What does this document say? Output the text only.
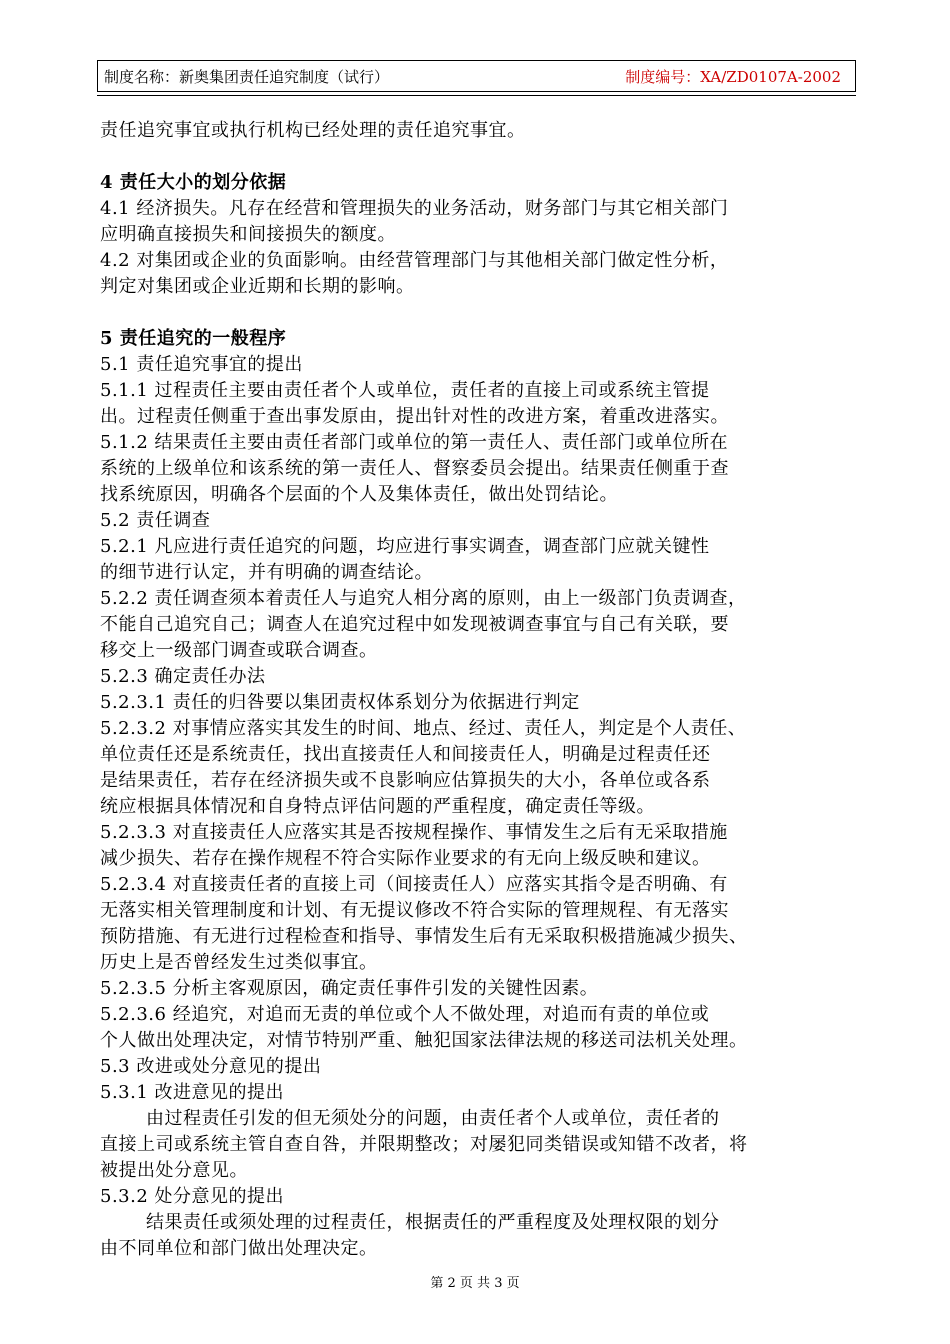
制度名称：新奥集团责任追究制度（试行）	制度编号：XA/ZD0107A-2002
责任追究事宜或执行机构已经处理的责任追究事宜。
4 责任大小的划分依据
4.1 经济损失。凡存在经营和管理损失的业务活动，财务部门与其它相关部门
应明确直接损失和间接损失的额度。
4.2 对集团或企业的负面影响。由经营管理部门与其他相关部门做定性分析，
判定对集团或企业近期和长期的影响。
5 责任追究的一般程序
5.1 责任追究事宜的提出
5.1.1 过程责任主要由责任者个人或单位，责任者的直接上司或系统主管提
出。过程责任侧重于查出事发原由，提出针对性的改进方案，着重改进落实。
5.1.2 结果责任主要由责任者部门或单位的第一责任人、责任部门或单位所在
系统的上级单位和该系统的第一责任人、督察委员会提出。结果责任侧重于查
找系统原因，明确各个层面的个人及集体责任，做出处罚结论。
5.2 责任调查
5.2.1 凡应进行责任追究的问题，均应进行事实调查，调查部门应就关键性
的细节进行认定，并有明确的调查结论。
5.2.2 责任调查须本着责任人与追究人相分离的原则，由上一级部门负责调查，
不能自己追究自己；调查人在追究过程中如发现被调查事宜与自己有关联，要
移交上一级部门调查或联合调查。
5.2.3 确定责任办法
5.2.3.1 责任的归咎要以集团责权体系划分为依据进行判定
5.2.3.2 对事情应落实其发生的时间、地点、经过、责任人，判定是个人责任、
单位责任还是系统责任，找出直接责任人和间接责任人，明确是过程责任还
是结果责任，若存在经济损失或不良影响应估算损失的大小，各单位或各系
统应根据具体情况和自身特点评估问题的严重程度，确定责任等级。
5.2.3.3 对直接责任人应落实其是否按规程操作、事情发生之后有无采取措施
减少损失、若存在操作规程不符合实际作业要求的有无向上级反映和建议。
5.2.3.4 对直接责任者的直接上司（间接责任人）应落实其指令是否明确、有
无落实相关管理制度和计划、有无提议修改不符合实际的管理规程、有无落实
预防措施、有无进行过程检查和指导、事情发生后有无采取积极措施减少损失、
历史上是否曾经发生过类似事宜。
5.2.3.5 分析主客观原因，确定责任事件引发的关键性因素。
5.2.3.6 经追究，对追而无责的单位或个人不做处理，对追而有责的单位或
个人做出处理决定，对情节特别严重、触犯国家法律法规的移送司法机关处理。
5.3 改进或处分意见的提出
5.3.1 改进意见的提出
由过程责任引发的但无须处分的问题，由责任者个人或单位，责任者的
直接上司或系统主管自查自咎，并限期整改；对屡犯同类错误或知错不改者，将
被提出处分意见。
5.3.2 处分意见的提出
结果责任或须处理的过程责任，根据责任的严重程度及处理权限的划分
由不同单位和部门做出处理决定。
第 2 页 共 3 页
